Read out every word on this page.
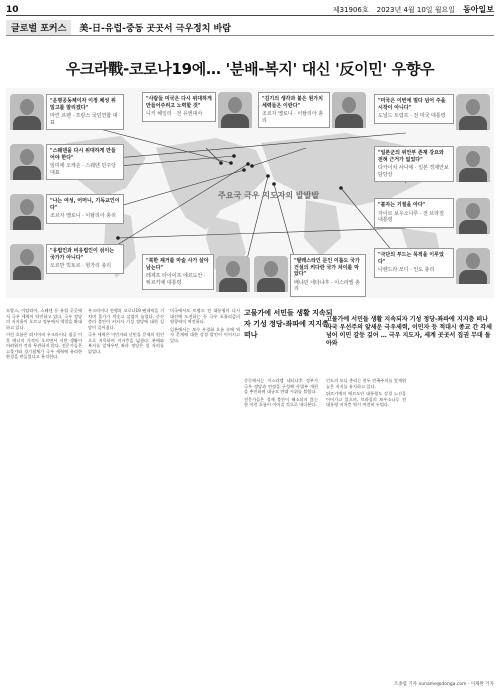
10	제31906호 2023년 4월 10일 월요일 동아일보
글로벌 포커스	美-日-유럽-중동 곳곳서 극우정치 바람
우크라戰-코로나19에… '분배-복지' 대신 '反이민' 우향우
주요국 극우 지도자의 발발발
"운명공동체이자 이정 체성 위 밀고를 말리겠다"
마린 르펜 · 프랑스 국민연합 대표
"스웨덴을 다시 위대하게 만들어야 한다"
임미에 오케손 · 스웨덴 민주당 대표
"나는 여성, 어머니, 기독교인이다"
조르자 멜로니 · 이탈리아 총리
"유럽인과 비유럽인이 섞이는 국가가 아니다"
오르반 빅토르 · 헝가리 총리
"사람들 미국은 다시 위대하게 만들어주려고 노력할 것"
니키 헤일리 · 전 유엔대사
"김기의 생각과 불은 원가치 세력들은 이란다"
조르자 멜로니 · 이탈리아 총리
"미국은 이번에 멀다 넘어 주을 시작이 아니다"
도널드 트럼프 · 전 미국 대통령
"일본군의 위안부 존재 강요와 전혀 근거가 없었다"
다카이치 사나에 · 일본 경제안보담당상
"불자는 기절을 아다"
자이르 보우소나루 · 전 브라질 대통령
"극단의 부드는 목적을 이루었다"
나렌드라 모디 · 인도 총리
"북한 제거를 마술 사가 살아남는다"
레제프 타이이프 에르도안 · 튀르키예 대통령
"팔레스타인 문인 이롭도 국가 건설의 커다란 국가 차이를 막았다"
베냐민 네타냐후 · 이스라엘 총리

프랑스, 이탈리아, 스웨덴 등 유럽 곳곳에서 극우 세력이 약진하고 있다. 극우 정당의 지지율이 오르고 정부에서 역할을 확대하고 있다.

이런 흐름은 러시아의 우크라이나 침공 이후 에너지 가격이 오르면서 서민 생활이 어려워진 것과 무관하지 않다. 전문가들은 고물가와 경기침체가 극우 세력에 유리한 환경을 만들었다고 분석한다.

우크라이나 전쟁과 코로나19 팬데믹을 거치며 물가가 치솟고 실업이 늘었다. 중산층의 불안이 커지자 기성 정당에 대한 실망이 깊어졌다.

극우 세력은 이민자와 난민을 문제의 원인으로 지목하며 지지층을 넓혔다. 분배와 복지를 앞세우던 좌파 정당은 설 자리를 잃었다.

미국에서도 트럼프 전 대통령이 다시 대선에 도전하는 등 극우 포퓰리즘의 영향력이 여전하다.

일본에서는 보수 우경화 흐름 속에 역사 문제에 대한 강경 발언이 이어지고 있다.

고물가에 서민들 생활 지속되자 기성 정당-좌파에 지지층 떠나

중동에서는 이스라엘 네타냐후 정부가 극우 정당과 연정을 구성해 사법부 개편을 추진하며 대규모 반대 시위를 불렀다.

전문가들은 경제 불안이 해소되지 않는 한 이런 흐름이 이어질 것으로 내다본다.

인도의 모디 총리는 힌두 민족주의를 앞세워 높은 지지를 유지하고 있다.

튀르키예의 에르도안 대통령도 강경 노선을 이어가고 있으며, 브라질의 보우소나루 전 대통령 지지층 역시 여전히 두텁다.

고물가에 서민들 생활 지속되자 기성 정당-좌파에 지지층 떠나 자국 우선주의 앞세운 극우세력, 이민자 등 적대시 종교 간 각세 넘어 이민 갈등 깊어 … 극우 지도자, 세계 곳곳서 집권 무대 돌아와
조종엽 기자 nuname@donga.com · 이채완 기자
